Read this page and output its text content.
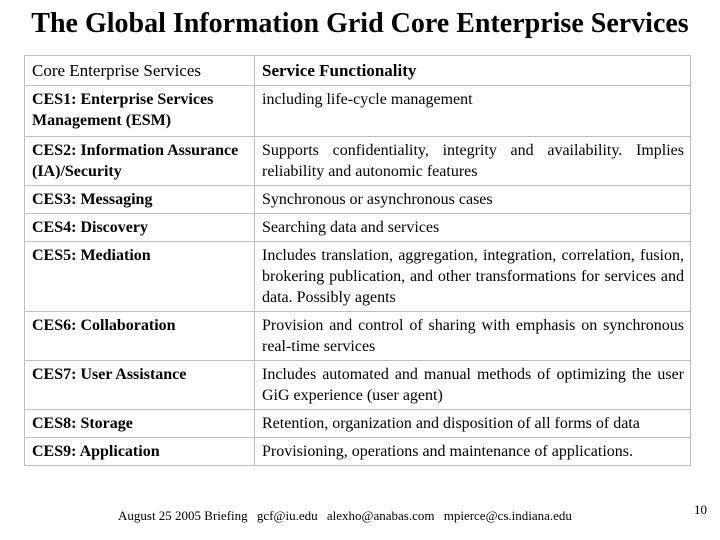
The Global Information Grid Core Enterprise Services
Core Enterprise Services	Service Functionality
CES1: Enterprise Services Management (ESM)	including life-cycle management
CES2: Information Assurance (IA)/Security	Supports confidentiality, integrity and availability. Implies reliability and autonomic features
CES3: Messaging	Synchronous or asynchronous cases
CES4: Discovery	Searching data and services
CES5: Mediation	Includes translation, aggregation, integration, correlation, fusion, brokering publication, and other transformations for services and data. Possibly agents
CES6: Collaboration	Provision and control of sharing with emphasis on synchronous real-time services
CES7: User Assistance	Includes automated and manual methods of optimizing the user GiG experience (user agent)
CES8: Storage	Retention, organization and disposition of all forms of data
CES9: Application	Provisioning, operations and maintenance of applications.
August 25 2005 Briefing gcf@iu.edu alexho@anabas.com mpierce@cs.indiana.edu	10
